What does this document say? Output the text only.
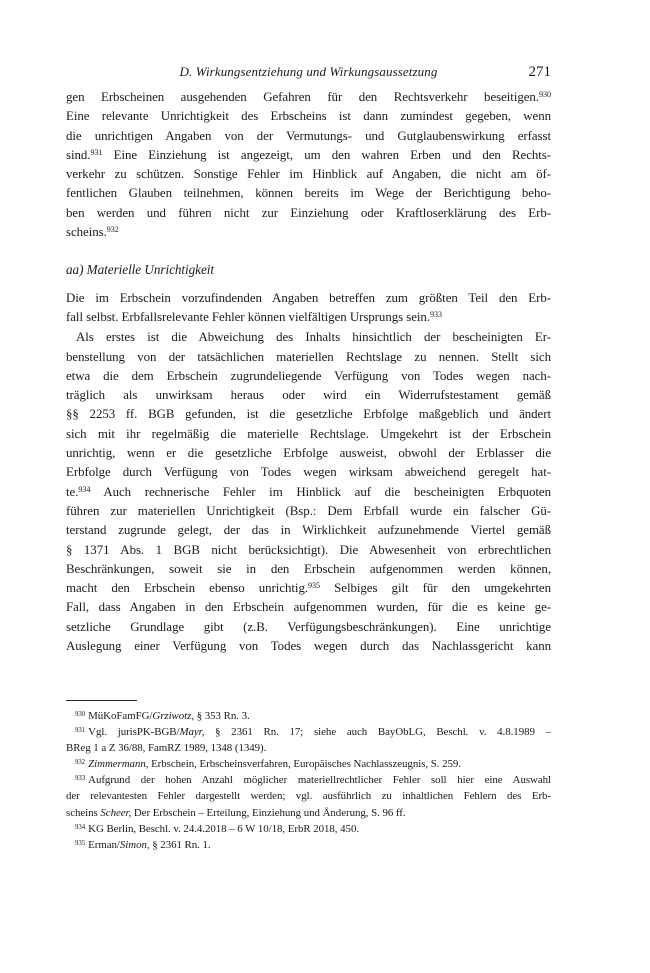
D. Wirkungsentziehung und Wirkungsaussetzung	271
gen Erbscheinen ausgehenden Gefahren für den Rechtsverkehr beseitigen.$^{930}$
Eine relevante Unrichtigkeit des Erbscheins ist dann zumindest gegeben, wenn
die unrichtigen Angaben von der Vermutungs- und Gutglaubenswirkung erfasst
sind.$^{931}$ Eine Einziehung ist angezeigt, um den wahren Erben und den Rechts-
verkehr zu schützen. Sonstige Fehler im Hinblick auf Angaben, die nicht am öf-
fentlichen Glauben teilnehmen, können bereits im Wege der Berichtigung beho-
ben werden und führen nicht zur Einziehung oder Kraftloserklärung des Erb-
scheins.$^{932}$
aa) Materielle Unrichtigkeit
Die im Erbschein vorzufindenden Angaben betreffen zum größten Teil den Erb-
fall selbst. Erbfallsrelevante Fehler können vielfältigen Ursprungs sein.$^{933}$
Als erstes ist die Abweichung des Inhalts hinsichtlich der bescheinigten Er-
benstellung von der tatsächlichen materiellen Rechtslage zu nennen. Stellt sich
etwa die dem Erbschein zugrundeliegende Verfügung von Todes wegen nach-
träglich als unwirksam heraus oder wird ein Widerrufstestament gemäß
§§ 2253 ff. BGB gefunden, ist die gesetzliche Erbfolge maßgeblich und ändert
sich mit ihr regelmäßig die materielle Rechtslage. Umgekehrt ist der Erbschein
unrichtig, wenn er die gesetzliche Erbfolge ausweist, obwohl der Erblasser die
Erbfolge durch Verfügung von Todes wegen wirksam abweichend geregelt hat-
te.$^{934}$ Auch rechnerische Fehler im Hinblick auf die bescheinigten Erbquoten
führen zur materiellen Unrichtigkeit (Bsp.: Dem Erbfall wurde ein falscher Gü-
terstand zugrunde gelegt, der das in Wirklichkeit aufzunehmende Viertel gemäß
§ 1371 Abs. 1 BGB nicht berücksichtigt). Die Abwesenheit von erbrechtlichen
Beschränkungen, soweit sie in den Erbschein aufgenommen werden können,
macht den Erbschein ebenso unrichtig.$^{935}$ Selbiges gilt für den umgekehrten
Fall, dass Angaben in den Erbschein aufgenommen wurden, für die es keine ge-
setzliche Grundlage gibt (z.B. Verfügungsbeschränkungen). Eine unrichtige
Auslegung einer Verfügung von Todes wegen durch das Nachlassgericht kann
$^{930}$ MüKoFamFG/Grziwotz, § 353 Rn. 3.
$^{931}$ Vgl. jurisPK-BGB/Mayr, § 2361 Rn. 17; siehe auch BayObLG, Beschl. v. 4.8.1989 –
BReg 1 a Z 36/88, FamRZ 1989, 1348 (1349).
$^{932}$ Zimmermann, Erbschein, Erbscheinsverfahren, Europäisches Nachlasszeugnis, S. 259.
$^{933}$ Aufgrund der hohen Anzahl möglicher materiellrechtlicher Fehler soll hier eine Auswahl
der relevantesten Fehler dargestellt werden; vgl. ausführlich zu inhaltlichen Fehlern des Erb-
scheins Scheer, Der Erbschein – Erteilung, Einziehung und Änderung, S. 96 ff.
$^{934}$ KG Berlin, Beschl. v. 24.4.2018 – 6 W 10/18, ErbR 2018, 450.
$^{935}$ Erman/Simon, § 2361 Rn. 1.
